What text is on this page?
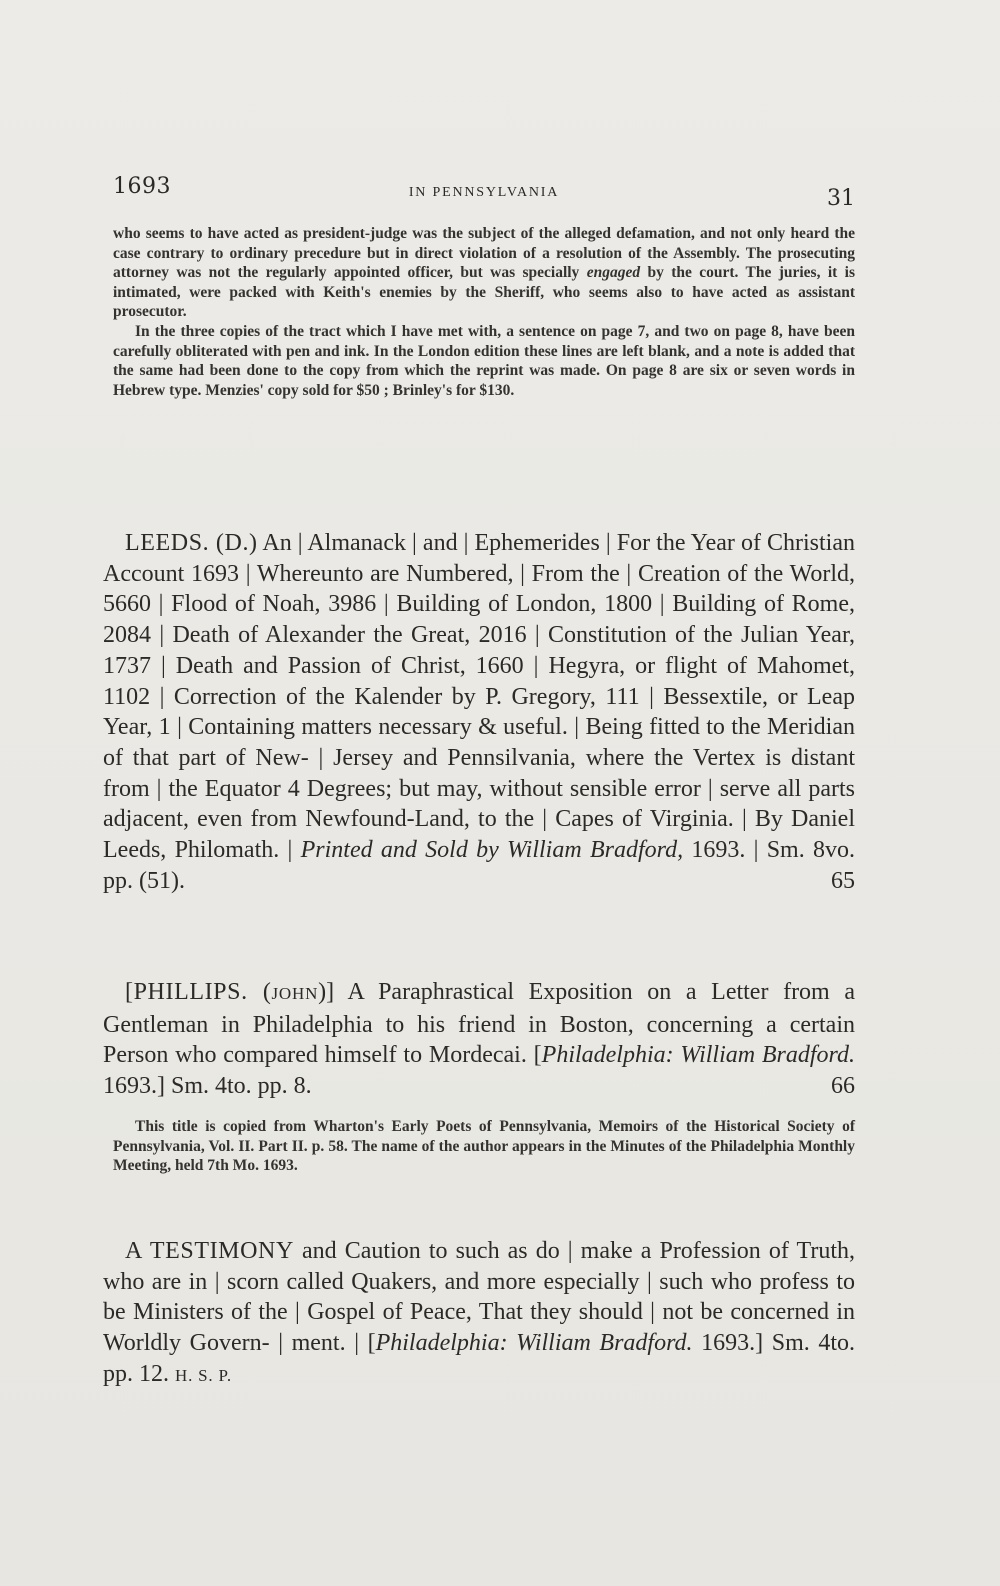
1693	IN PENNSYLVANIA	31

who seems to have acted as president-judge was the subject of the alleged defamation, and not only heard the case contrary to ordinary precedure but in direct violation of a resolution of the Assembly. The prosecuting attorney was not the regularly appointed officer, but was specially engaged by the court. The juries, it is intimated, were packed with Keith's enemies by the Sheriff, who seems also to have acted as assistant prosecutor.

In the three copies of the tract which I have met with, a sentence on page 7, and two on page 8, have been carefully obliterated with pen and ink. In the London edition these lines are left blank, and a note is added that the same had been done to the copy from which the reprint was made. On page 8 are six or seven words in Hebrew type. Menzies' copy sold for $50 ; Brinley's for $130.

LEEDS. (D.) An | Almanack | and | Ephemerides | For the Year of Christian Account 1693 | Whereunto are Numbered, | From the | Creation of the World, 5660 | Flood of Noah, 3986 | Building of London, 1800 | Building of Rome, 2084 | Death of Alexander the Great, 2016 | Constitution of the Julian Year, 1737 | Death and Passion of Christ, 1660 | Hegyra, or flight of Mahomet, 1102 | Correction of the Kalender by P. Gregory, 111 | Bessextile, or Leap Year, 1 | Containing matters necessary & useful. | Being fitted to the Meridian of that part of New- | Jersey and Pennsilvania, where the Vertex is distant from | the Equator 4 Degrees; but may, without sensible error | serve all parts adjacent, even from Newfound-Land, to the | Capes of Virginia. | By Daniel Leeds, Philomath. | Printed and Sold by William Bradford, 1693. | Sm. 8vo. pp. (51).	65
[PHILLIPS. (JOHN)] A Paraphrastical Exposition on a Letter from a Gentleman in Philadelphia to his friend in Boston, concerning a certain Person who compared himself to Mordecai. [Philadelphia: William Bradford. 1693.] Sm. 4to. pp. 8.	66

This title is copied from Wharton's Early Poets of Pennsylvania, Memoirs of the Historical Society of Pennsylvania, Vol. II. Part II. p. 58. The name of the author appears in the Minutes of the Philadelphia Monthly Meeting, held 7th Mo. 1693.

A TESTIMONY and Caution to such as do | make a Profession of Truth, who are in | scorn called Quakers, and more especially | such who profess to be Ministers of the | Gospel of Peace, That they should | not be concerned in Worldly Govern- | ment. | [Philadelphia: William Bradford. 1693.] Sm. 4to. pp. 12. H. S. P.
